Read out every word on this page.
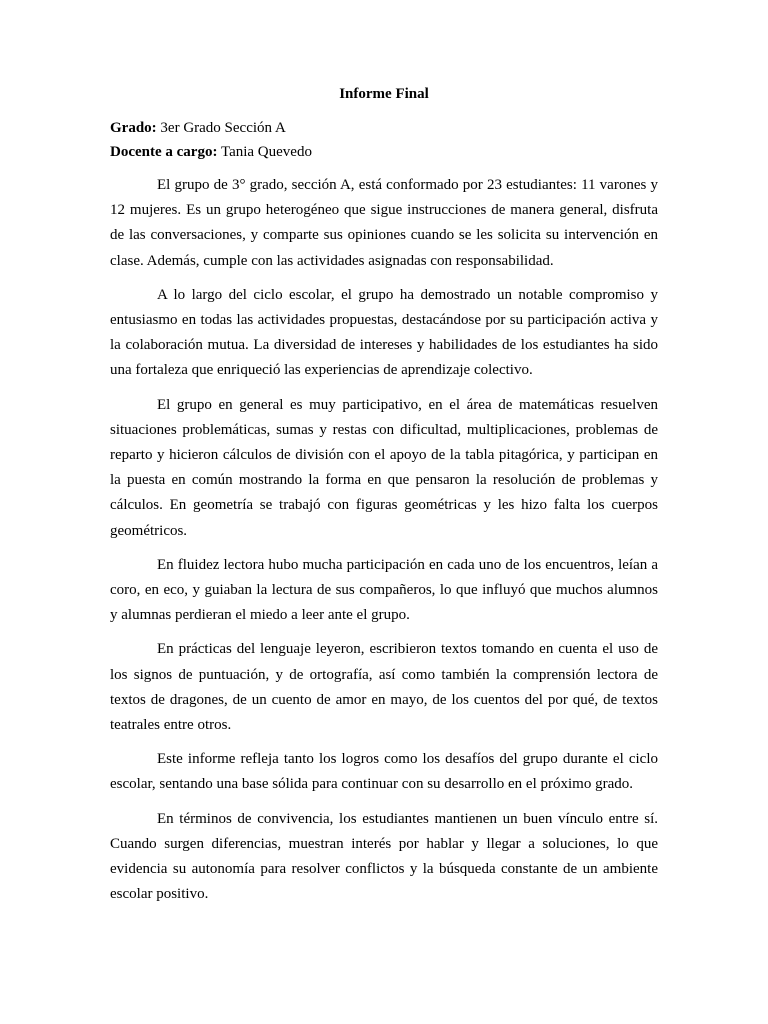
Informe Final

Grado: 3er Grado Sección A

Docente a cargo: Tania Quevedo

El grupo de 3° grado, sección A, está conformado por 23 estudiantes: 11 varones y 12 mujeres. Es un grupo heterogéneo que sigue instrucciones de manera general, disfruta de las conversaciones, y comparte sus opiniones cuando se les solicita su intervención en clase. Además, cumple con las actividades asignadas con responsabilidad.

A lo largo del ciclo escolar, el grupo ha demostrado un notable compromiso y entusiasmo en todas las actividades propuestas, destacándose por su participación activa y la colaboración mutua. La diversidad de intereses y habilidades de los estudiantes ha sido una fortaleza que enriqueció las experiencias de aprendizaje colectivo.

El grupo en general es muy participativo, en el área de matemáticas resuelven situaciones problemáticas, sumas y restas con dificultad, multiplicaciones, problemas de reparto y hicieron cálculos de división con el apoyo de la tabla pitagórica, y participan en la puesta en común mostrando la forma en que pensaron la resolución de problemas y cálculos. En geometría se trabajó con figuras geométricas y les hizo falta los cuerpos geométricos.

En fluidez lectora hubo mucha participación en cada uno de los encuentros, leían a coro, en eco, y guiaban la lectura de sus compañeros, lo que influyó que muchos alumnos y alumnas perdieran el miedo a leer ante el grupo.

En prácticas del lenguaje leyeron, escribieron textos tomando en cuenta el uso de los signos de puntuación, y de ortografía, así como también la comprensión lectora de textos de dragones, de un cuento de amor en mayo, de los cuentos del por qué, de textos teatrales entre otros.

Este informe refleja tanto los logros como los desafíos del grupo durante el ciclo escolar, sentando una base sólida para continuar con su desarrollo en el próximo grado.

En términos de convivencia, los estudiantes mantienen un buen vínculo entre sí. Cuando surgen diferencias, muestran interés por hablar y llegar a soluciones, lo que evidencia su autonomía para resolver conflictos y la búsqueda constante de un ambiente escolar positivo.
